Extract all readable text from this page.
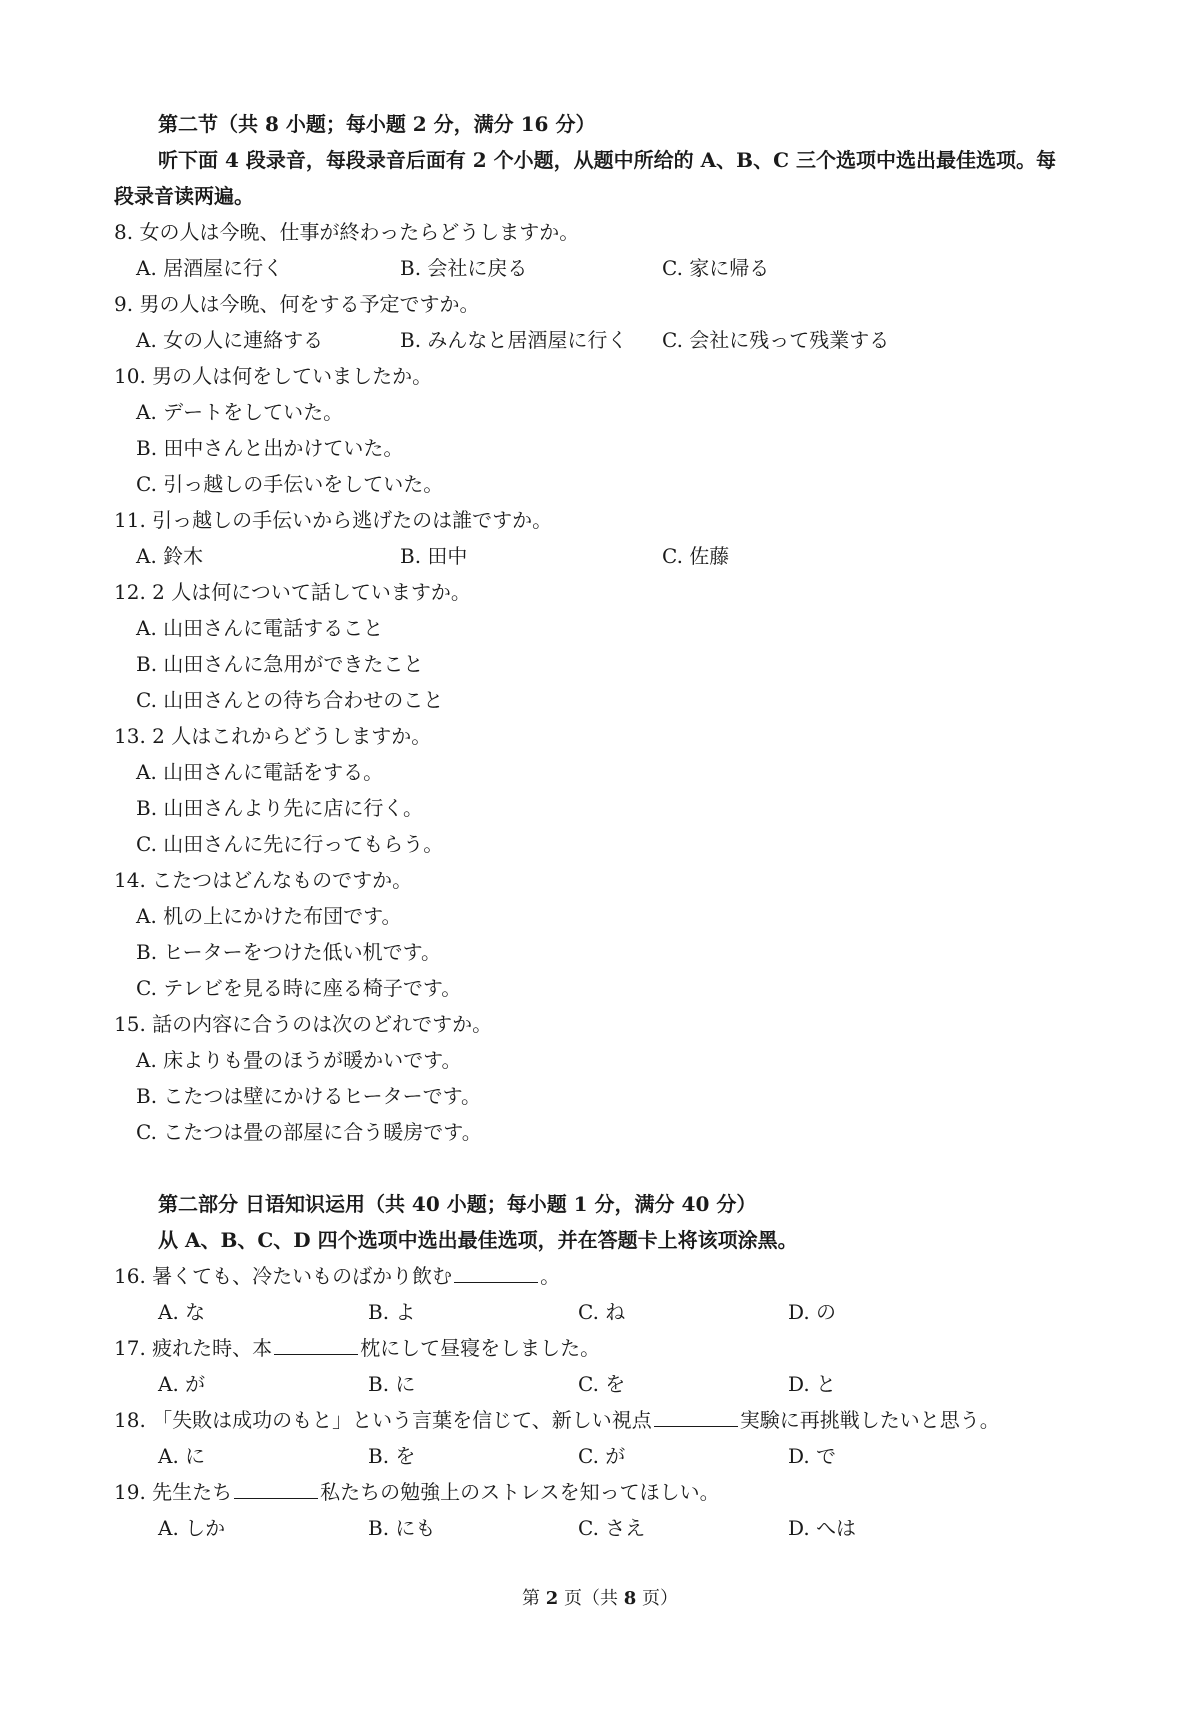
第二节（共 8 小题；每小题 2 分，满分 16 分）
听下面 4 段录音，每段录音后面有 2 个小题，从题中所给的 A、B、C 三个选项中选出最佳选项。每
段录音读两遍。
8. 女の人は今晩、仕事が終わったらどうしますか。
A. 居酒屋に行く	B. 会社に戻る	C. 家に帰る
9. 男の人は今晩、何をする予定ですか。
A. 女の人に連絡する	B. みんなと居酒屋に行く C. 会社に残って残業する
10. 男の人は何をしていましたか。
A. デートをしていた。
B. 田中さんと出かけていた。
C. 引っ越しの手伝いをしていた。
11. 引っ越しの手伝いから逃げたのは誰ですか。
A. 鈴木	B. 田中	C. 佐藤
12. 2 人は何について話していますか。
A. 山田さんに電話すること
B. 山田さんに急用ができたこと
C. 山田さんとの待ち合わせのこと
13. 2 人はこれからどうしますか。
A. 山田さんに電話をする。
B. 山田さんより先に店に行く。
C. 山田さんに先に行ってもらう。
14. こたつはどんなものですか。
A. 机の上にかけた布団です。
B. ヒーターをつけた低い机です。
C. テレビを見る時に座る椅子です。
15. 話の内容に合うのは次のどれですか。
A. 床よりも畳のほうが暖かいです。
B. こたつは壁にかけるヒーターです。
C. こたつは畳の部屋に合う暖房です。
第二部分 日语知识运用（共 40 小题；每小题 1 分，满分 40 分）
从 A、B、C、D 四个选项中选出最佳选项，并在答题卡上将该项涂黑。
16. 暑くても、冷たいものばかり飲む	。
A. な	B. よ	C. ね	D. の
17. 疲れた時、本	枕にして昼寝をしました。
A. が	B. に	C. を	D. と
18. 「失敗は成功のもと」という言葉を信じて、新しい視点	実験に再挑戦したいと思う。
A. に	B. を	C. が	D. で
19. 先生たち	私たちの勉強上のストレスを知ってほしい。
A. しか	B. にも	C. さえ	D. へは
第 2 页（共 8 页）
